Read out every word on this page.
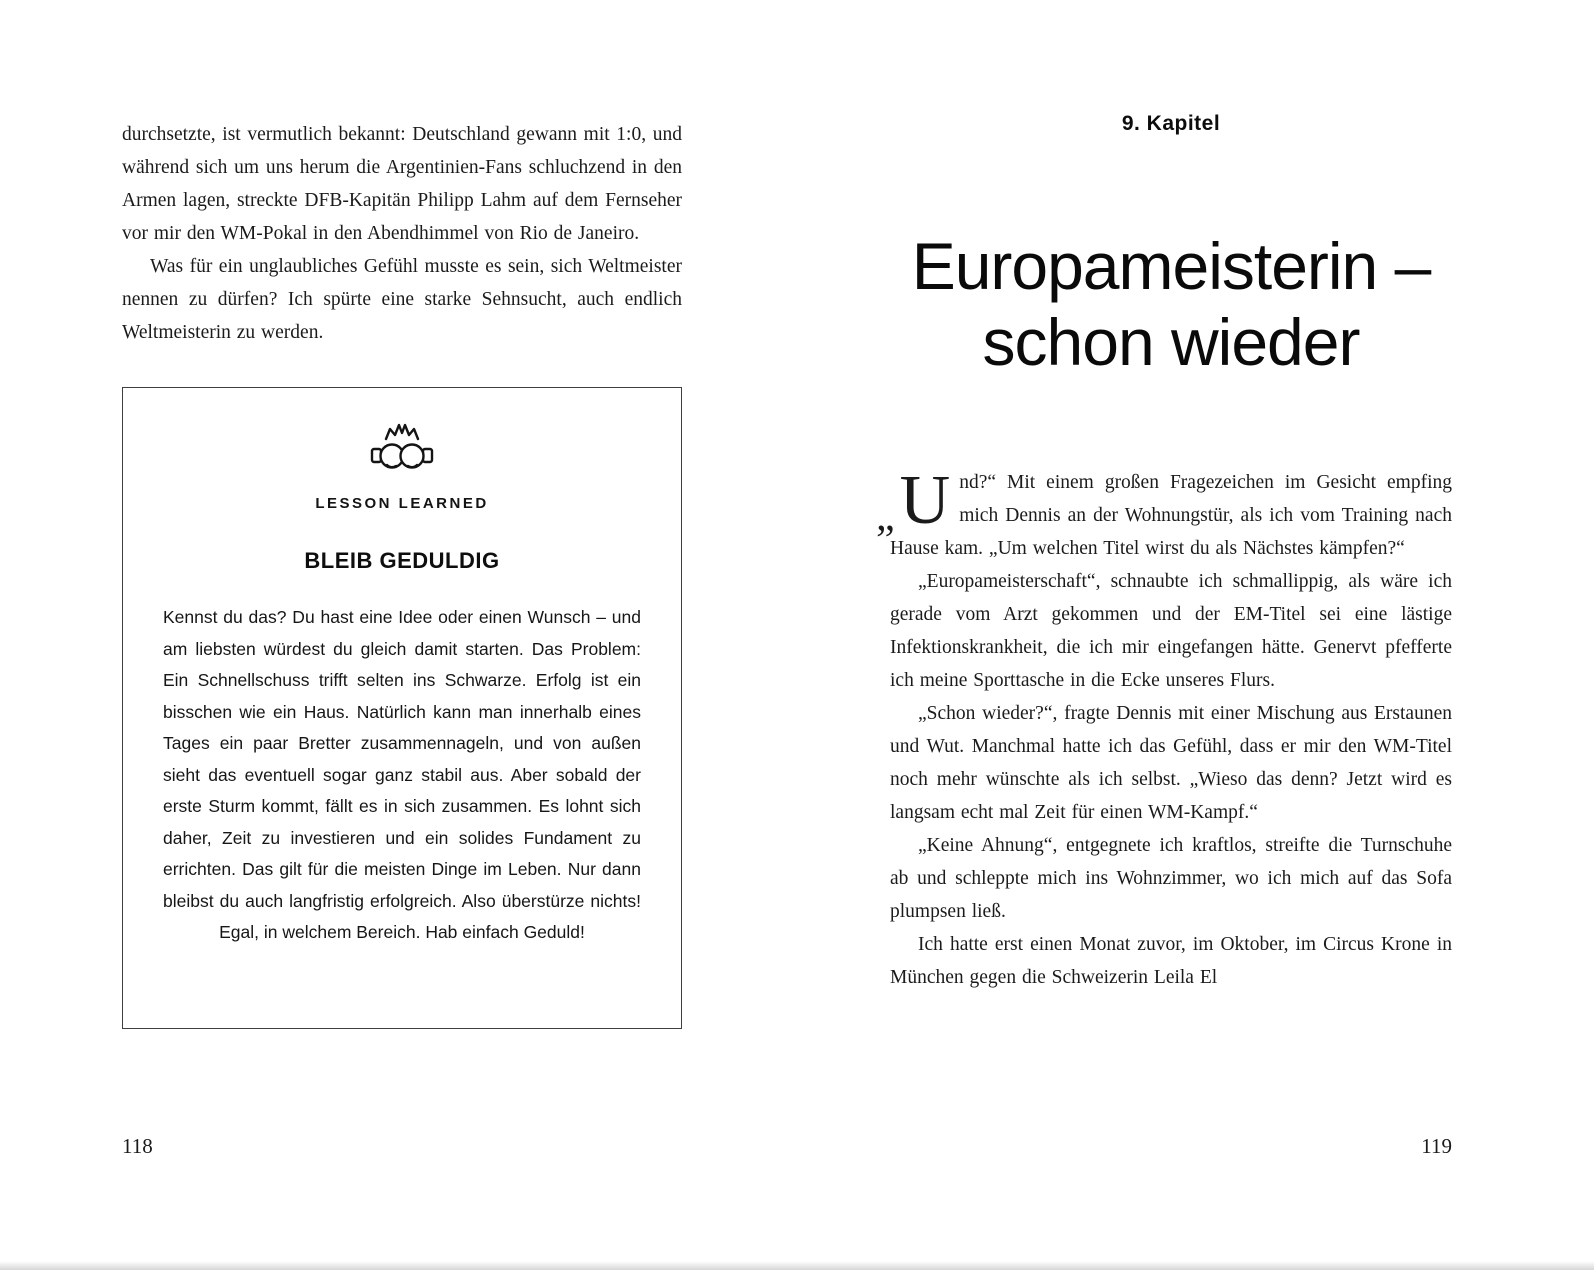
durchsetzte, ist vermutlich bekannt: Deutschland gewann mit 1:0, und während sich um uns herum die Argentinien-Fans schluchzend in den Armen lagen, streckte DFB-Kapitän Philipp Lahm auf dem Fernseher vor mir den WM-Pokal in den Abendhimmel von Rio de Janeiro.

Was für ein unglaubliches Gefühl musste es sein, sich Weltmeister nennen zu dürfen? Ich spürte eine starke Sehnsucht, auch endlich Weltmeisterin zu werden.

LESSON LEARNED
BLEIB GEDULDIG

Kennst du das? Du hast eine Idee oder einen Wunsch – und am liebsten würdest du gleich damit starten. Das Problem: Ein Schnellschuss trifft selten ins Schwarze. Erfolg ist ein bisschen wie ein Haus. Natürlich kann man innerhalb eines Tages ein paar Bretter zusammennageln, und von außen sieht das eventuell sogar ganz stabil aus. Aber sobald der erste Sturm kommt, fällt es in sich zusammen. Es lohnt sich daher, Zeit zu investieren und ein solides Fundament zu errichten. Das gilt für die meisten Dinge im Leben. Nur dann bleibst du auch langfristig erfolgreich. Also überstürze nichts! Egal, in welchem Bereich. Hab einfach Geduld!

9. Kapitel
Europameisterin –
schon wieder

„ U nd?“ Mit einem großen Fragezeichen im Gesicht empfing mich Dennis an der Wohnungstür, als ich vom Training nach Hause kam. „Um welchen Titel wirst du als Nächstes kämpfen?“

„Europameisterschaft“, schnaubte ich schmallippig, als wäre ich gerade vom Arzt gekommen und der EM-Titel sei eine lästige Infektionskrankheit, die ich mir eingefangen hätte. Genervt pfefferte ich meine Sporttasche in die Ecke unseres Flurs.

„Schon wieder?“, fragte Dennis mit einer Mischung aus Erstaunen und Wut. Manchmal hatte ich das Gefühl, dass er mir den WM-Titel noch mehr wünschte als ich selbst. „Wieso das denn? Jetzt wird es langsam echt mal Zeit für einen WM-Kampf.“

„Keine Ahnung“, entgegnete ich kraftlos, streifte die Turnschuhe ab und schleppte mich ins Wohnzimmer, wo ich mich auf das Sofa plumpsen ließ.

Ich hatte erst einen Monat zuvor, im Oktober, im Circus Krone in München gegen die Schweizerin Leila El

118	119
